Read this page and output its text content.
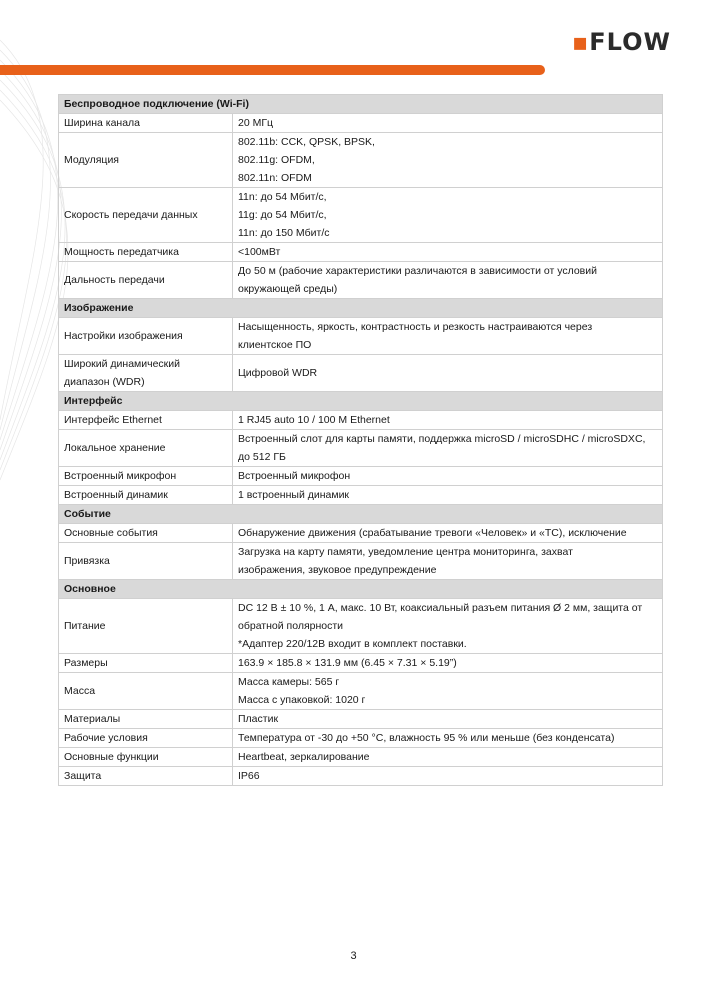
▪FLOW
Беспроводное подключение (Wi-Fi)	
Ширина канала	20 МГц

Модуляция	802.11b: CCK, QPSK, BPSK,
802.11g: OFDM,
802.11n: OFDM

Скорость передачи данных	11n: до 54 Мбит/с,
11g: до 54 Мбит/с,
11n: до 150 Мбит/с

Мощность передатчика	<100мВт

Дальность передачи	До 50 м (рабочие характеристики различаются в зависимости от условий
окружающей среды)

Изображение	
Настройки изображения	Насыщенность, яркость, контрастность и резкость настраиваются через
клиентское ПО

Широкий динамический диапазон (WDR)	Цифровой WDR

Интерфейс	
Интерфейс Ethernet	1 RJ45 auto 10 / 100 M Ethernet

Локальное хранение	Встроенный слот для карты памяти, поддержка microSD / microSDHC / microSDXC,
до 512 ГБ

Встроенный микрофон	Встроенный микрофон

Встроенный динамик	1 встроенный динамик

Событие	
Основные события	Обнаружение движения (срабатывание тревоги «Человек» и «ТС), исключение

Привязка	Загрузка на карту памяти, уведомление центра мониторинга, захват
изображения, звуковое предупреждение

Основное	
Питание	DC 12 В ± 10 %, 1 А, макс. 10 Вт, коаксиальный разъем питания Ø 2 мм, защита от
обратной полярности
*Адаптер 220/12В входит в комплект поставки.

Размеры	163.9 × 185.8 × 131.9 мм (6.45 × 7.31 × 5.19”)

Масса	Масса камеры: 565 г
Масса с упаковкой: 1020 г

Материалы	Пластик

Рабочие условия	Температура от -30 до +50 °C, влажность 95 % или меньше (без конденсата)

Основные функции	Heartbeat, зеркалирование

Защита	IP66
3
